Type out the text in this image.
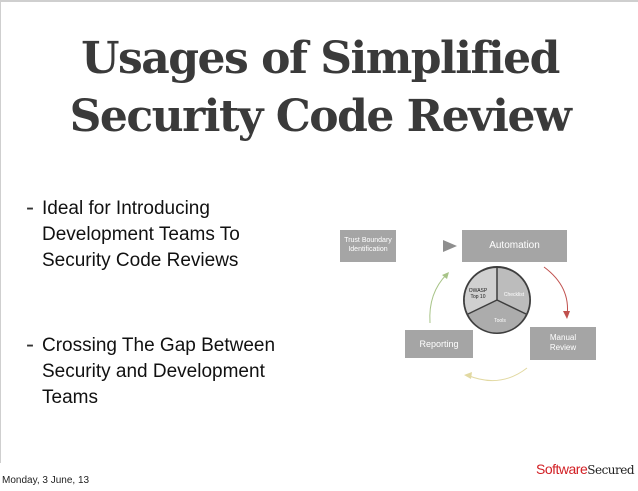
Usages of Simplified
Security Code Review
- Ideal for Introducing
Development Teams To
Security Code Reviews
- Crossing The Gap Between
Security and Development
Teams
Trust Boundary
Identification	Automation
Manual
Review
Reporting
OWASP
Top 10	Checklist
Tools
Monday, 3 June, 13
SoftwareSecured
